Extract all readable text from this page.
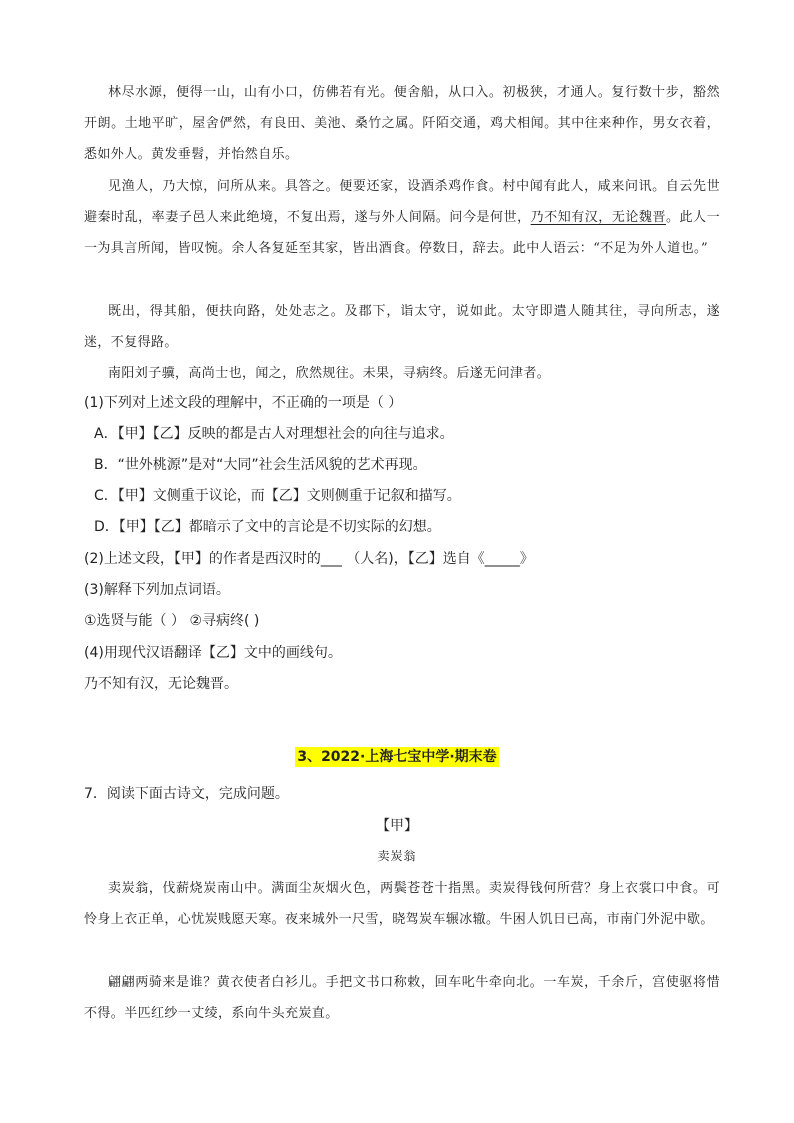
林尽水源，便得一山，山有小口，仿佛若有光。便舍船，从口入。初极狭，才通人。复行数十步，豁然开朗。土地平旷，屋舍俨然，有良田、美池、桑竹之属。阡陌交通，鸡犬相闻。其中往来种作，男女衣着，悉如外人。黄发垂髫，并怡然自乐。

见渔人，乃大惊，问所从来。具答之。便要还家，设酒杀鸡作食。村中闻有此人，咸来问讯。自云先世避秦时乱，率妻子邑人来此绝境，不复出焉，遂与外人间隔。问今是何世，乃不知有汉，无论魏晋。此人一一为具言所闻，皆叹惋。余人各复延至其家，皆出酒食。停数日，辞去。此中人语云：“不足为外人道也。”

既出，得其船，便扶向路，处处志之。及郡下，诣太守，说如此。太守即遣人随其往，寻向所志，遂迷，不复得路。

南阳刘子骥，高尚士也，闻之，欣然规往。未果，寻病终。后遂无问津者。

(1)下列对上述文段的理解中，不正确的一项是（ ）

A．【甲】【乙】反映的都是古人对理想社会的向往与追求。

B．“世外桃源”是对“大同”社会生活风貌的艺术再现。

C．【甲】文侧重于议论，而【乙】文则侧重于记叙和描写。

D．【甲】【乙】都暗示了文中的言论是不切实际的幻想。

(2)上述文段，【甲】的作者是西汉时的___ （人名)，【乙】选自《_____》

(3)解释下列加点词语。

①选贤与能（ ） ②寻病终( )

(4)用现代汉语翻译【乙】文中的画线句。

乃不知有汉，无论魏晋。

3、2022·上海七宝中学·期末卷

7．阅读下面古诗文，完成问题。

【甲】

卖炭翁

卖炭翁，伐薪烧炭南山中。满面尘灰烟火色，两鬓苍苍十指黑。卖炭得钱何所营？身上衣裳口中食。可怜身上衣正单，心忧炭贱愿天寒。夜来城外一尺雪，晓驾炭车辗冰辙。牛困人饥日已高，市南门外泥中歇。

翩翩两骑来是谁？黄衣使者白衫儿。手把文书口称敕，回车叱牛牵向北。一车炭，千余斤，宫使驱将惜不得。半匹红纱一丈绫，系向牛头充炭直。
